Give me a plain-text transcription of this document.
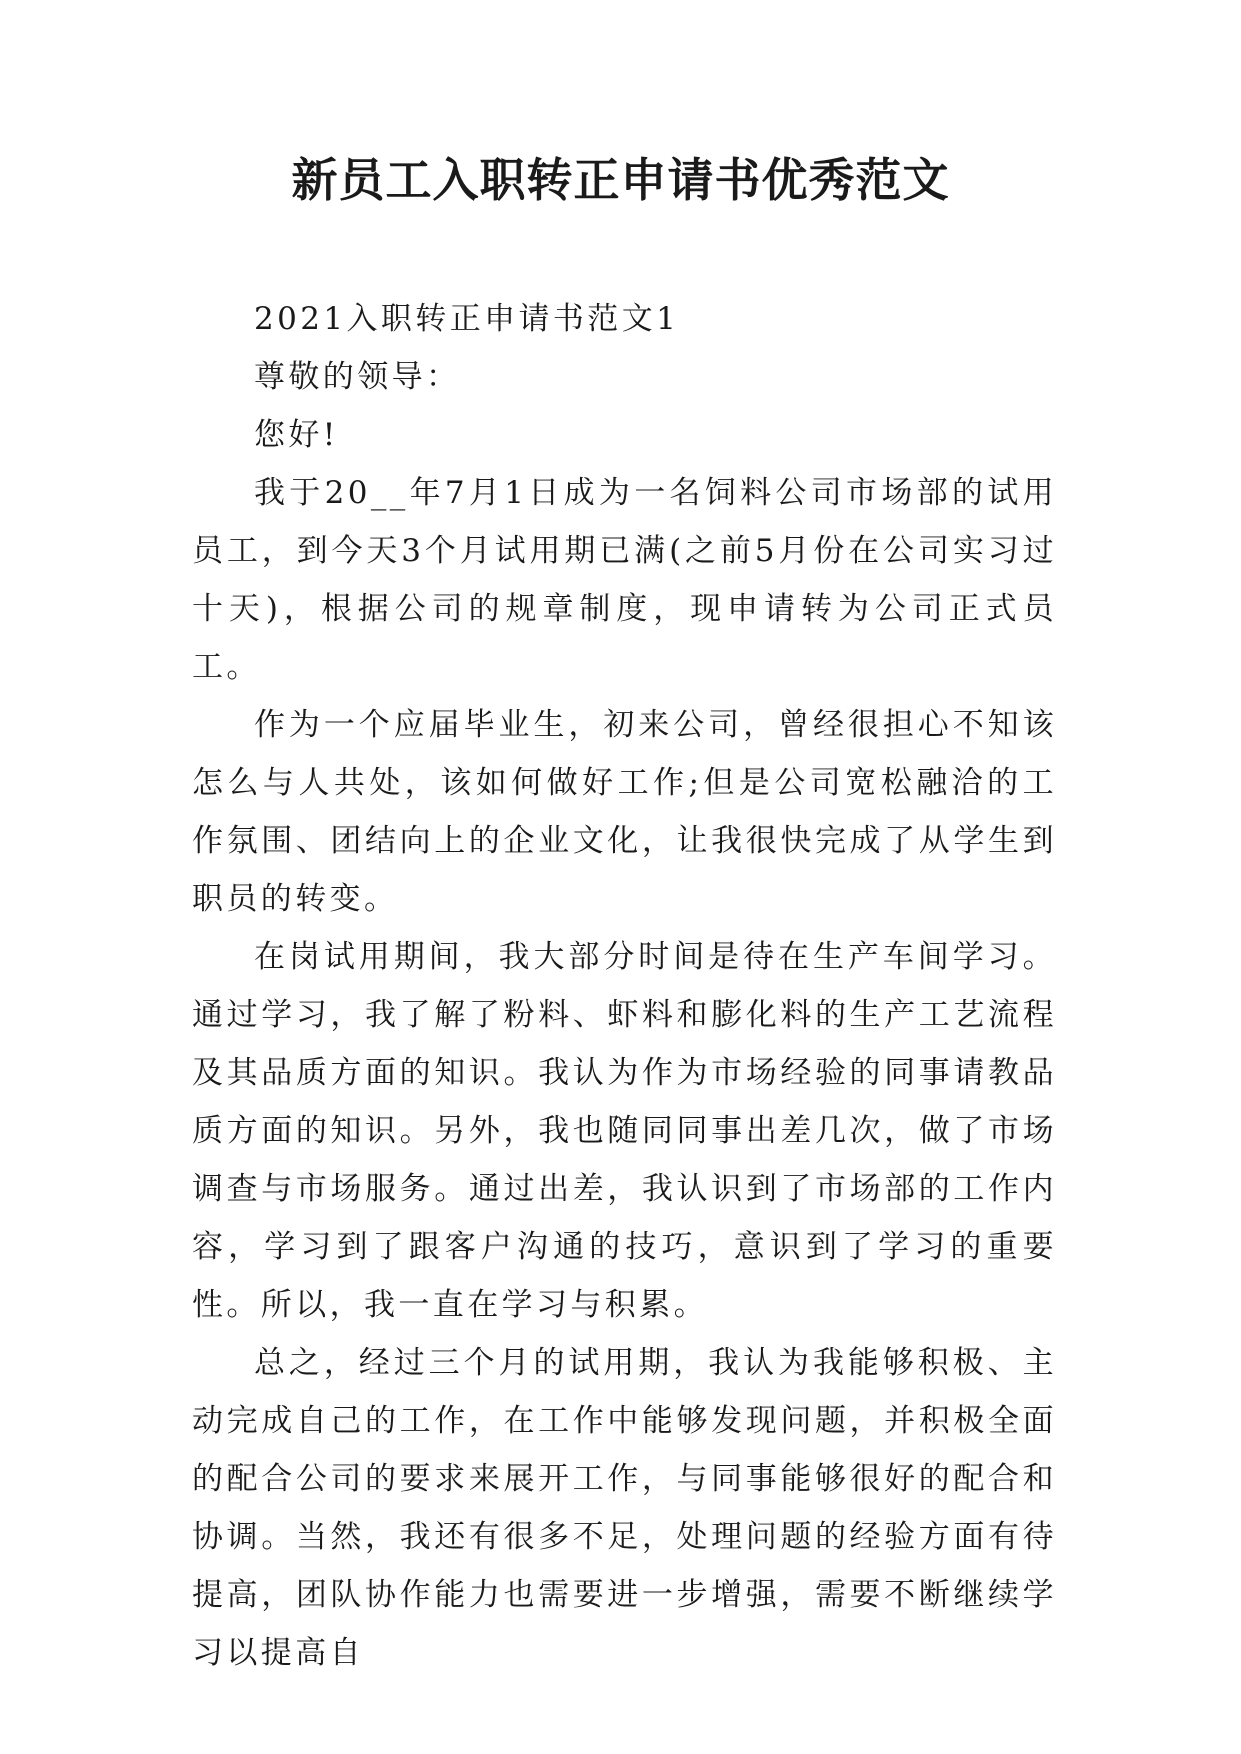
新员工入职转正申请书优秀范文

2021入职转正申请书范文1

尊敬的领导：

您好!

我于20__年7月1日成为一名饲料公司市场部的试用员工，到今天3个月试用期已满(之前5月份在公司实习过十天)，根据公司的规章制度，现申请转为公司正式员工。

作为一个应届毕业生，初来公司，曾经很担心不知该怎么与人共处，该如何做好工作;但是公司宽松融洽的工作氛围、团结向上的企业文化，让我很快完成了从学生到职员的转变。

在岗试用期间，我大部分时间是待在生产车间学习。通过学习，我了解了粉料、虾料和膨化料的生产工艺流程及其品质方面的知识。我认为作为市场经验的同事请教品质方面的知识。另外，我也随同同事出差几次，做了市场调查与市场服务。通过出差，我认识到了市场部的工作内容，学习到了跟客户沟通的技巧，意识到了学习的重要性。所以，我一直在学习与积累。

总之，经过三个月的试用期，我认为我能够积极、主动完成自己的工作，在工作中能够发现问题，并积极全面的配合公司的要求来展开工作，与同事能够很好的配合和协调。当然，我还有很多不足，处理问题的经验方面有待提高，团队协作能力也需要进一步增强，需要不断继续学习以提高自
